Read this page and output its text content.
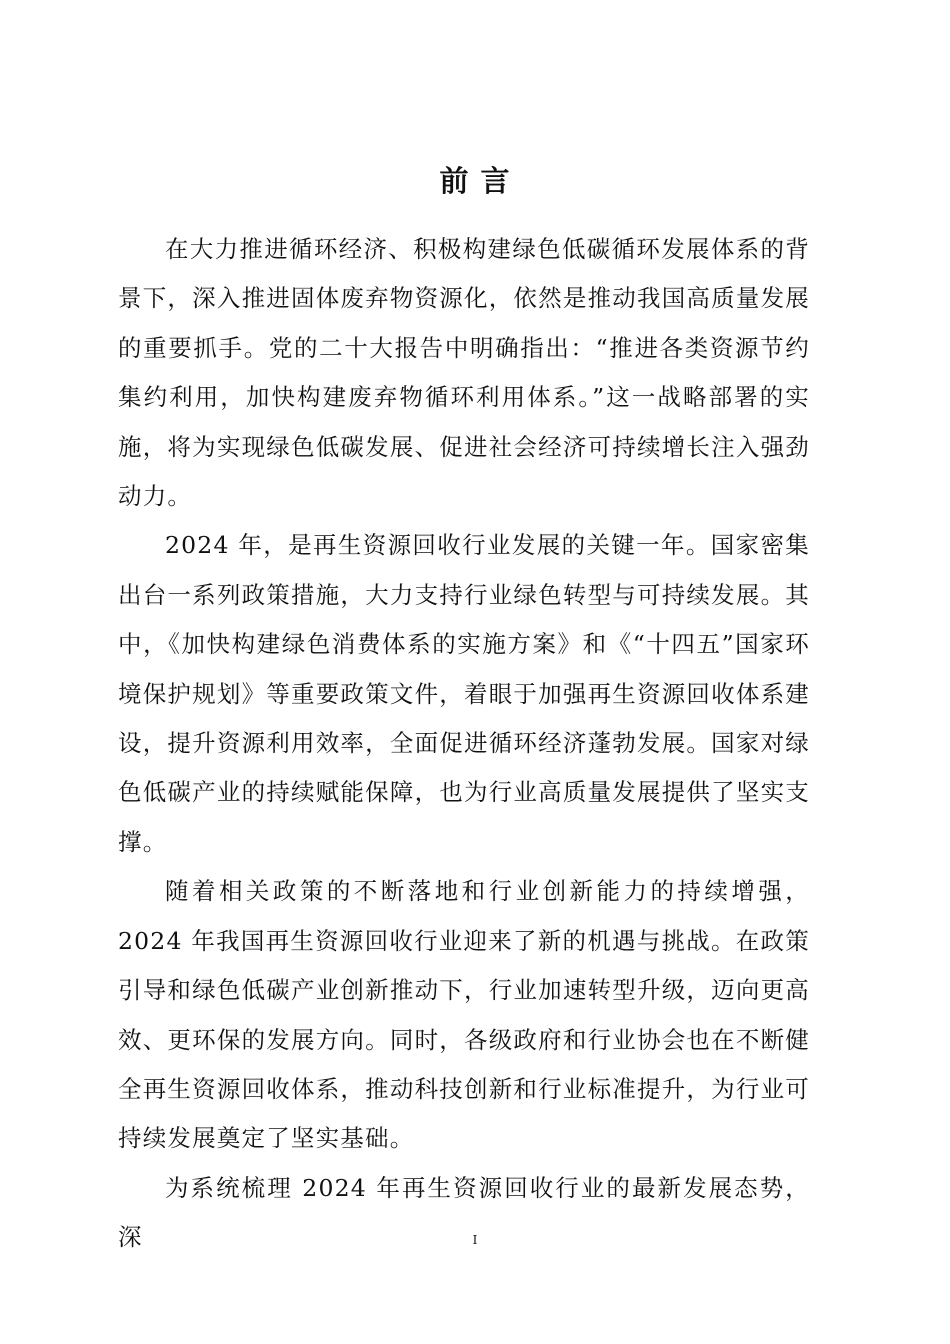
前 言

在大力推进循环经济、积极构建绿色低碳循环发展体系的背景下，深入推进固体废弃物资源化，依然是推动我国高质量发展的重要抓手。党的二十大报告中明确指出：“推进各类资源节约集约利用，加快构建废弃物循环利用体系。”这一战略部署的实施，将为实现绿色低碳发展、促进社会经济可持续增长注入强劲动力。

2024 年，是再生资源回收行业发展的关键一年。国家密集出台一系列政策措施，大力支持行业绿色转型与可持续发展。其中，《加快构建绿色消费体系的实施方案》和《“十四五”国家环境保护规划》等重要政策文件，着眼于加强再生资源回收体系建设，提升资源利用效率，全面促进循环经济蓬勃发展。国家对绿色低碳产业的持续赋能保障，也为行业高质量发展提供了坚实支撑。

随着相关政策的不断落地和行业创新能力的持续增强，2024 年我国再生资源回收行业迎来了新的机遇与挑战。在政策引导和绿色低碳产业创新推动下，行业加速转型升级，迈向更高效、更环保的发展方向。同时，各级政府和行业协会也在不断健全再生资源回收体系，推动科技创新和行业标准提升，为行业可持续发展奠定了坚实基础。

为系统梳理 2024 年再生资源回收行业的最新发展态势，深	I
